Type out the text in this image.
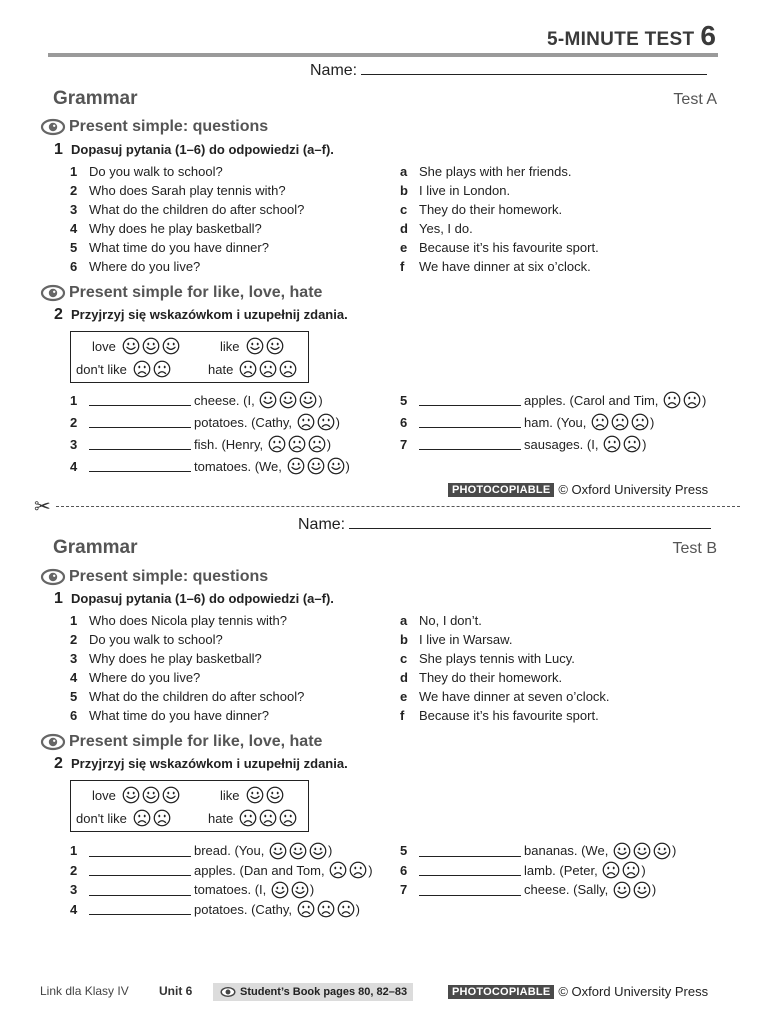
5-MINUTE TEST 6
Name:
Grammar	Test A
Present simple: questions
1 Dopasuj pytania (1–6) do odpowiedzi (a–f).
1 Do you walk to school?
2 Who does Sarah play tennis with?
3 What do the children do after school?
4 Why does he play basketball?
5 What time do you have dinner?
6 Where do you live?
a She plays with her friends.
b I live in London.
c They do their homework.
d Yes, I do.
e Because it’s his favourite sport.
f	We have dinner at six o’clock.
Present simple for like, love, hate
2 Przyjrzyj się wskazówkom i uzupełnij zdania.
love	like
don't like	hate
1	cheese. (I,
	)
2	potatoes. (Cathy,
	)
3	fish. (Henry,
	)
4	tomatoes. (We,
	)
5	apples. (Carol and Tim,
	)
6	ham. (You,
	)
7	sausages. (I,
	)
PHOTOCOPIABLE © Oxford University Press
✂
Name:
Grammar	Test B
Present simple: questions
1 Dopasuj pytania (1–6) do odpowiedzi (a–f).
1 Who does Nicola play tennis with?
2 Do you walk to school?
3 Why does he play basketball?
4 Where do you live?
5 What do the children do after school?
6 What time do you have dinner?
a No, I don’t.
b I live in Warsaw.
c She plays tennis with Lucy.
d They do their homework.
e We have dinner at seven o’clock.
f	Because it’s his favourite sport.
Present simple for like, love, hate
2 Przyjrzyj się wskazówkom i uzupełnij zdania.
love	like
don't like	hate
1	bread. (You,
	)
2	apples. (Dan and Tom,
	)
3	tomatoes. (I,
	)
4	potatoes. (Cathy,
	)
5	bananas. (We,
	)
6	lamb. (Peter,
	)
7	cheese. (Sally,
	)
Link dla Klasy IV	Unit 6	Student’s Book pages 80, 82–83	PHOTOCOPIABLE © Oxford University Press
